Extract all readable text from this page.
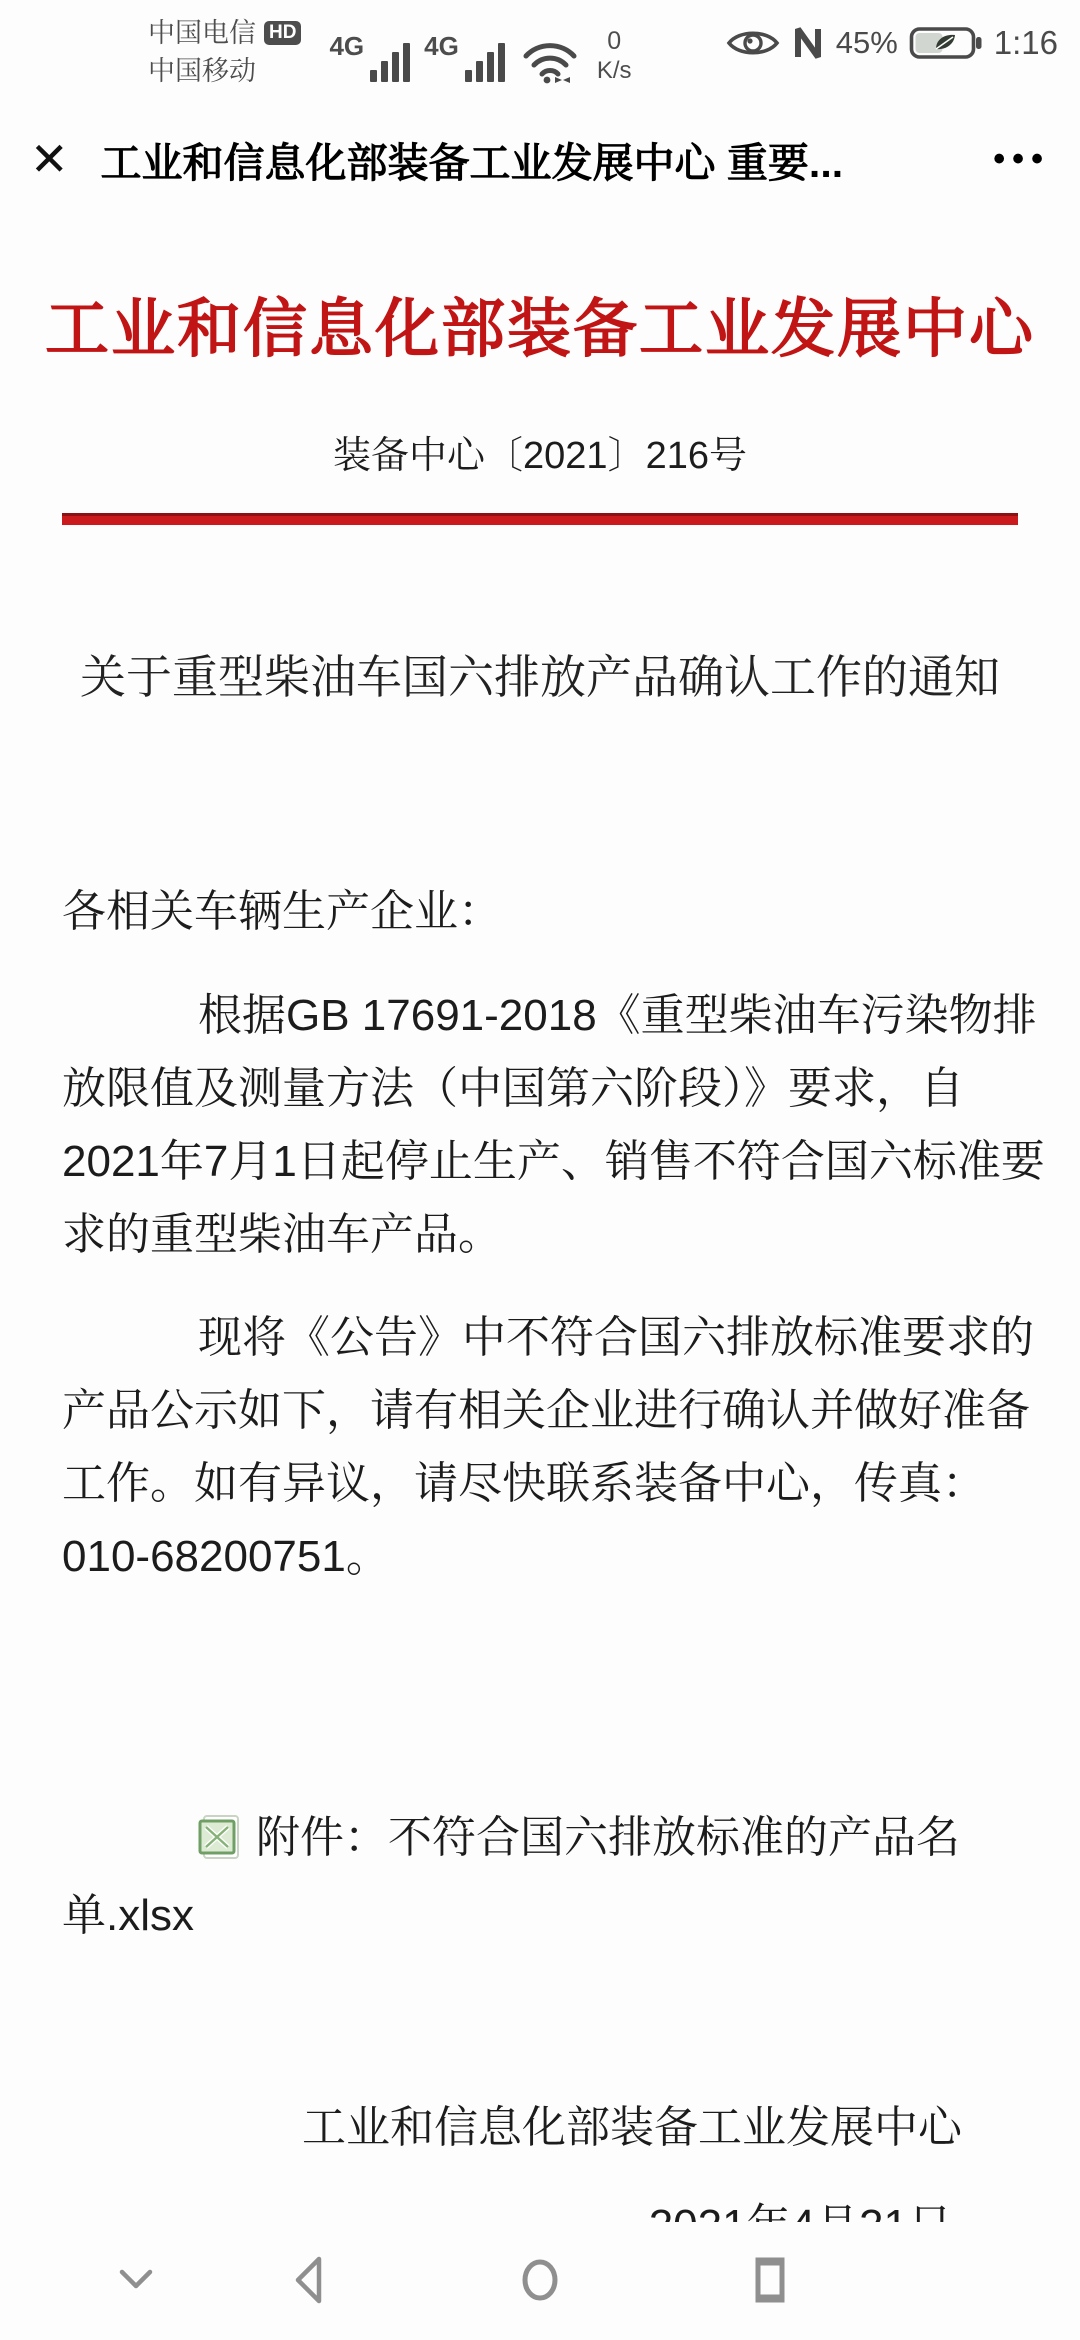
中国电信 HD
中国移动
4G 4G	0
K/s
45%	1:16
✕ 工业和信息化部装备工业发展中心 重要...	•••
工业和信息化部装备工业发展中心
装备中心〔2021〕216号
关于重型柴油车国六排放产品确认工作的通知
各相关车辆生产企业：
根据GB 17691-2018《重型柴油车污染物排
放限值及测量方法（中国第六阶段）》要求，自
2021年7月1日起停止生产、销售不符合国六标准要
求的重型柴油车产品。
现将《公告》中不符合国六排放标准要求的
产品公示如下，请有相关企业进行确认并做好准备
工作。如有异议，请尽快联系装备中心，传真：
010-68200751。
附件：不符合国六排放标准的产品名
单.xlsx
工业和信息化部装备工业发展中心
